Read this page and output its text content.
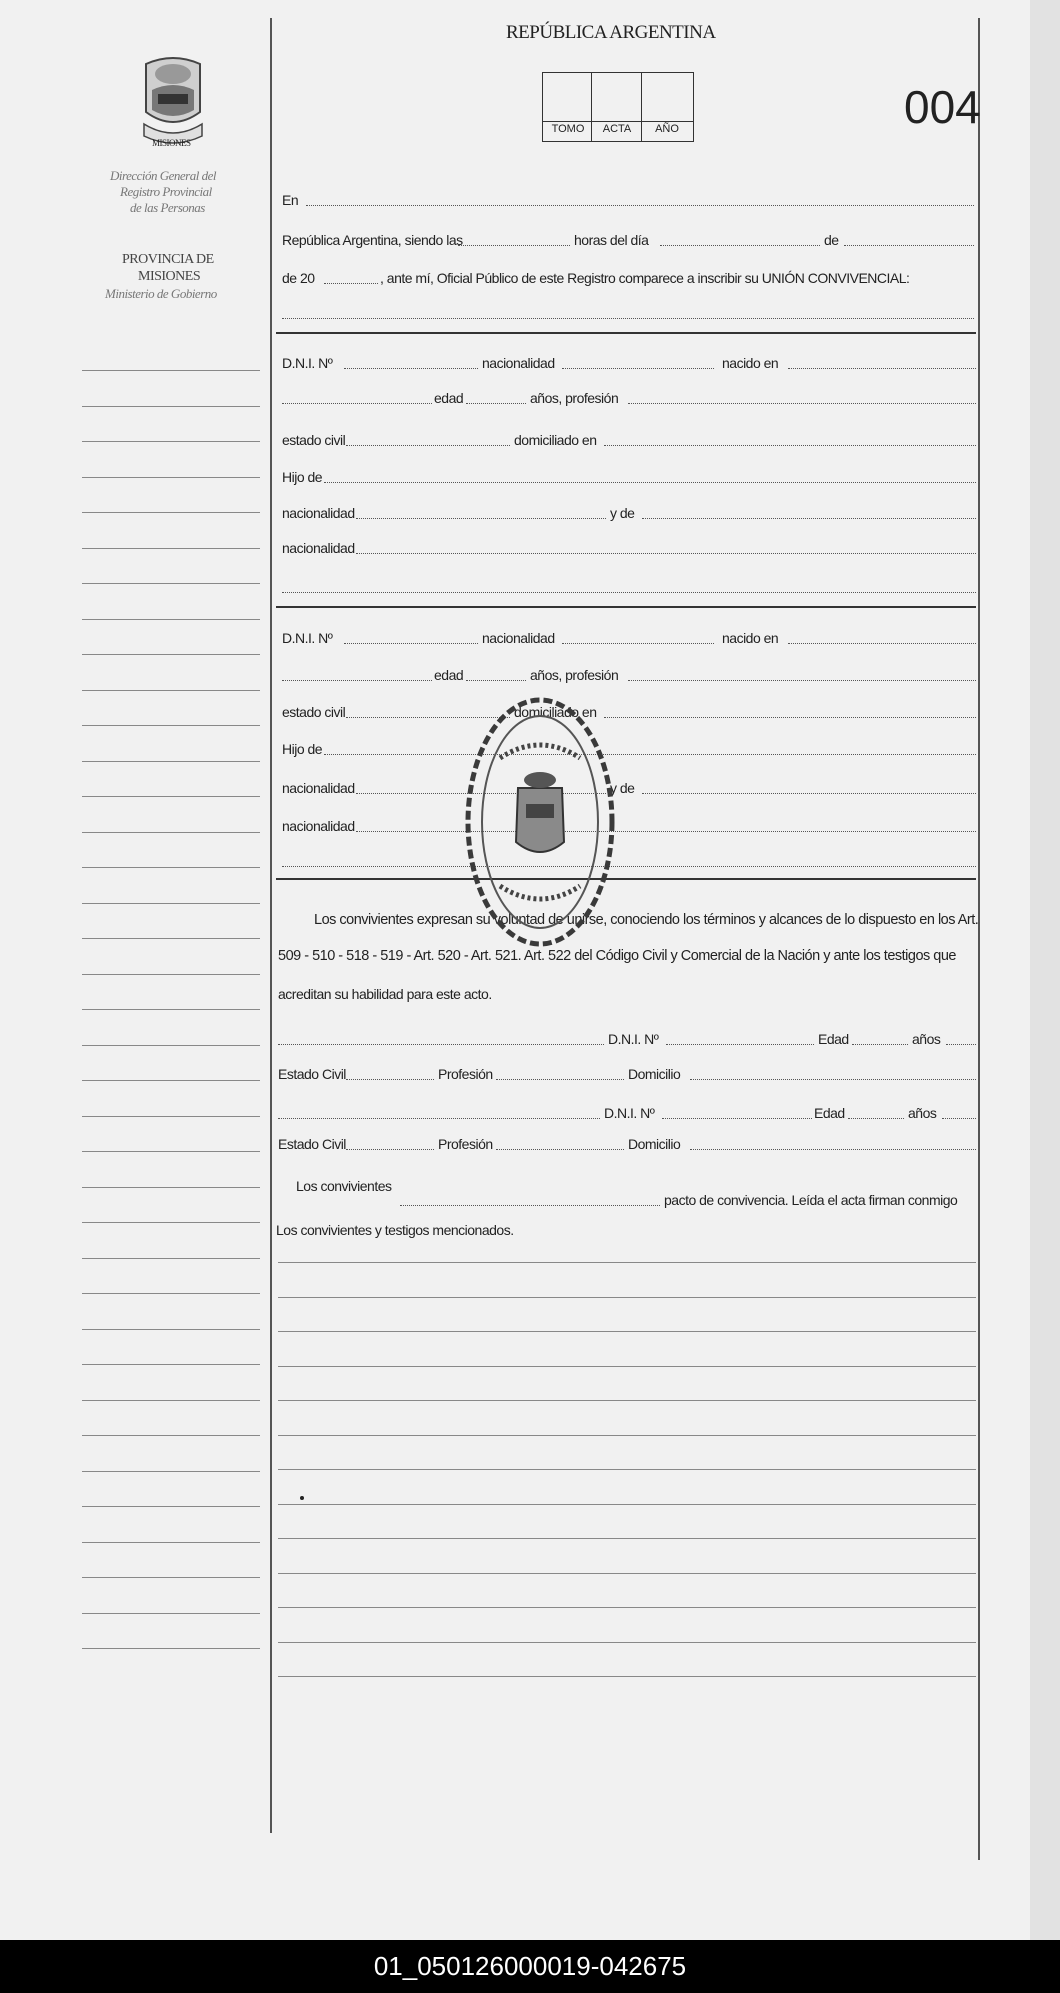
MISIONES
Dirección General del
Registro Provincial
de las Personas
PROVINCIA DE
MISIONES
Ministerio de Gobierno
REPÚBLICA ARGENTINA
TOMO	ACTA	AÑO	004
En
República Argentina, siendo las	horas del día	de
de 20	, ante mí, Oficial Público de este Registro comparece a inscribir su UNIÓN CONVIVENCIAL:
D.N.I. Nº	nacionalidad	nacido en
edad	años, profesión
estado civil	domiciliado en
Hijo de
nacionalidad	y de
nacionalidad
D.N.I. Nº	nacionalidad	nacido en
edad	años, profesión
estado civil	domiciliado en
Hijo de
nacionalidad	y de
nacionalidad
Los convivientes expresan su voluntad de unirse, conociendo los términos y alcances de lo dispuesto en los Art.
509 - 510 - 518 - 519 - Art. 520 - Art. 521. Art. 522 del Código Civil y Comercial de la Nación y ante los testigos que
acreditan su habilidad para este acto.
D.N.I. Nº	Edad	años
Estado Civil	Profesión	Domicilio
D.N.I. Nº	Edad	años
Estado Civil	Profesión	Domicilio
Los convivientes
pacto de convivencia. Leída el acta firman conmigo
Los convivientes y testigos mencionados.
01_050126000019-042675
